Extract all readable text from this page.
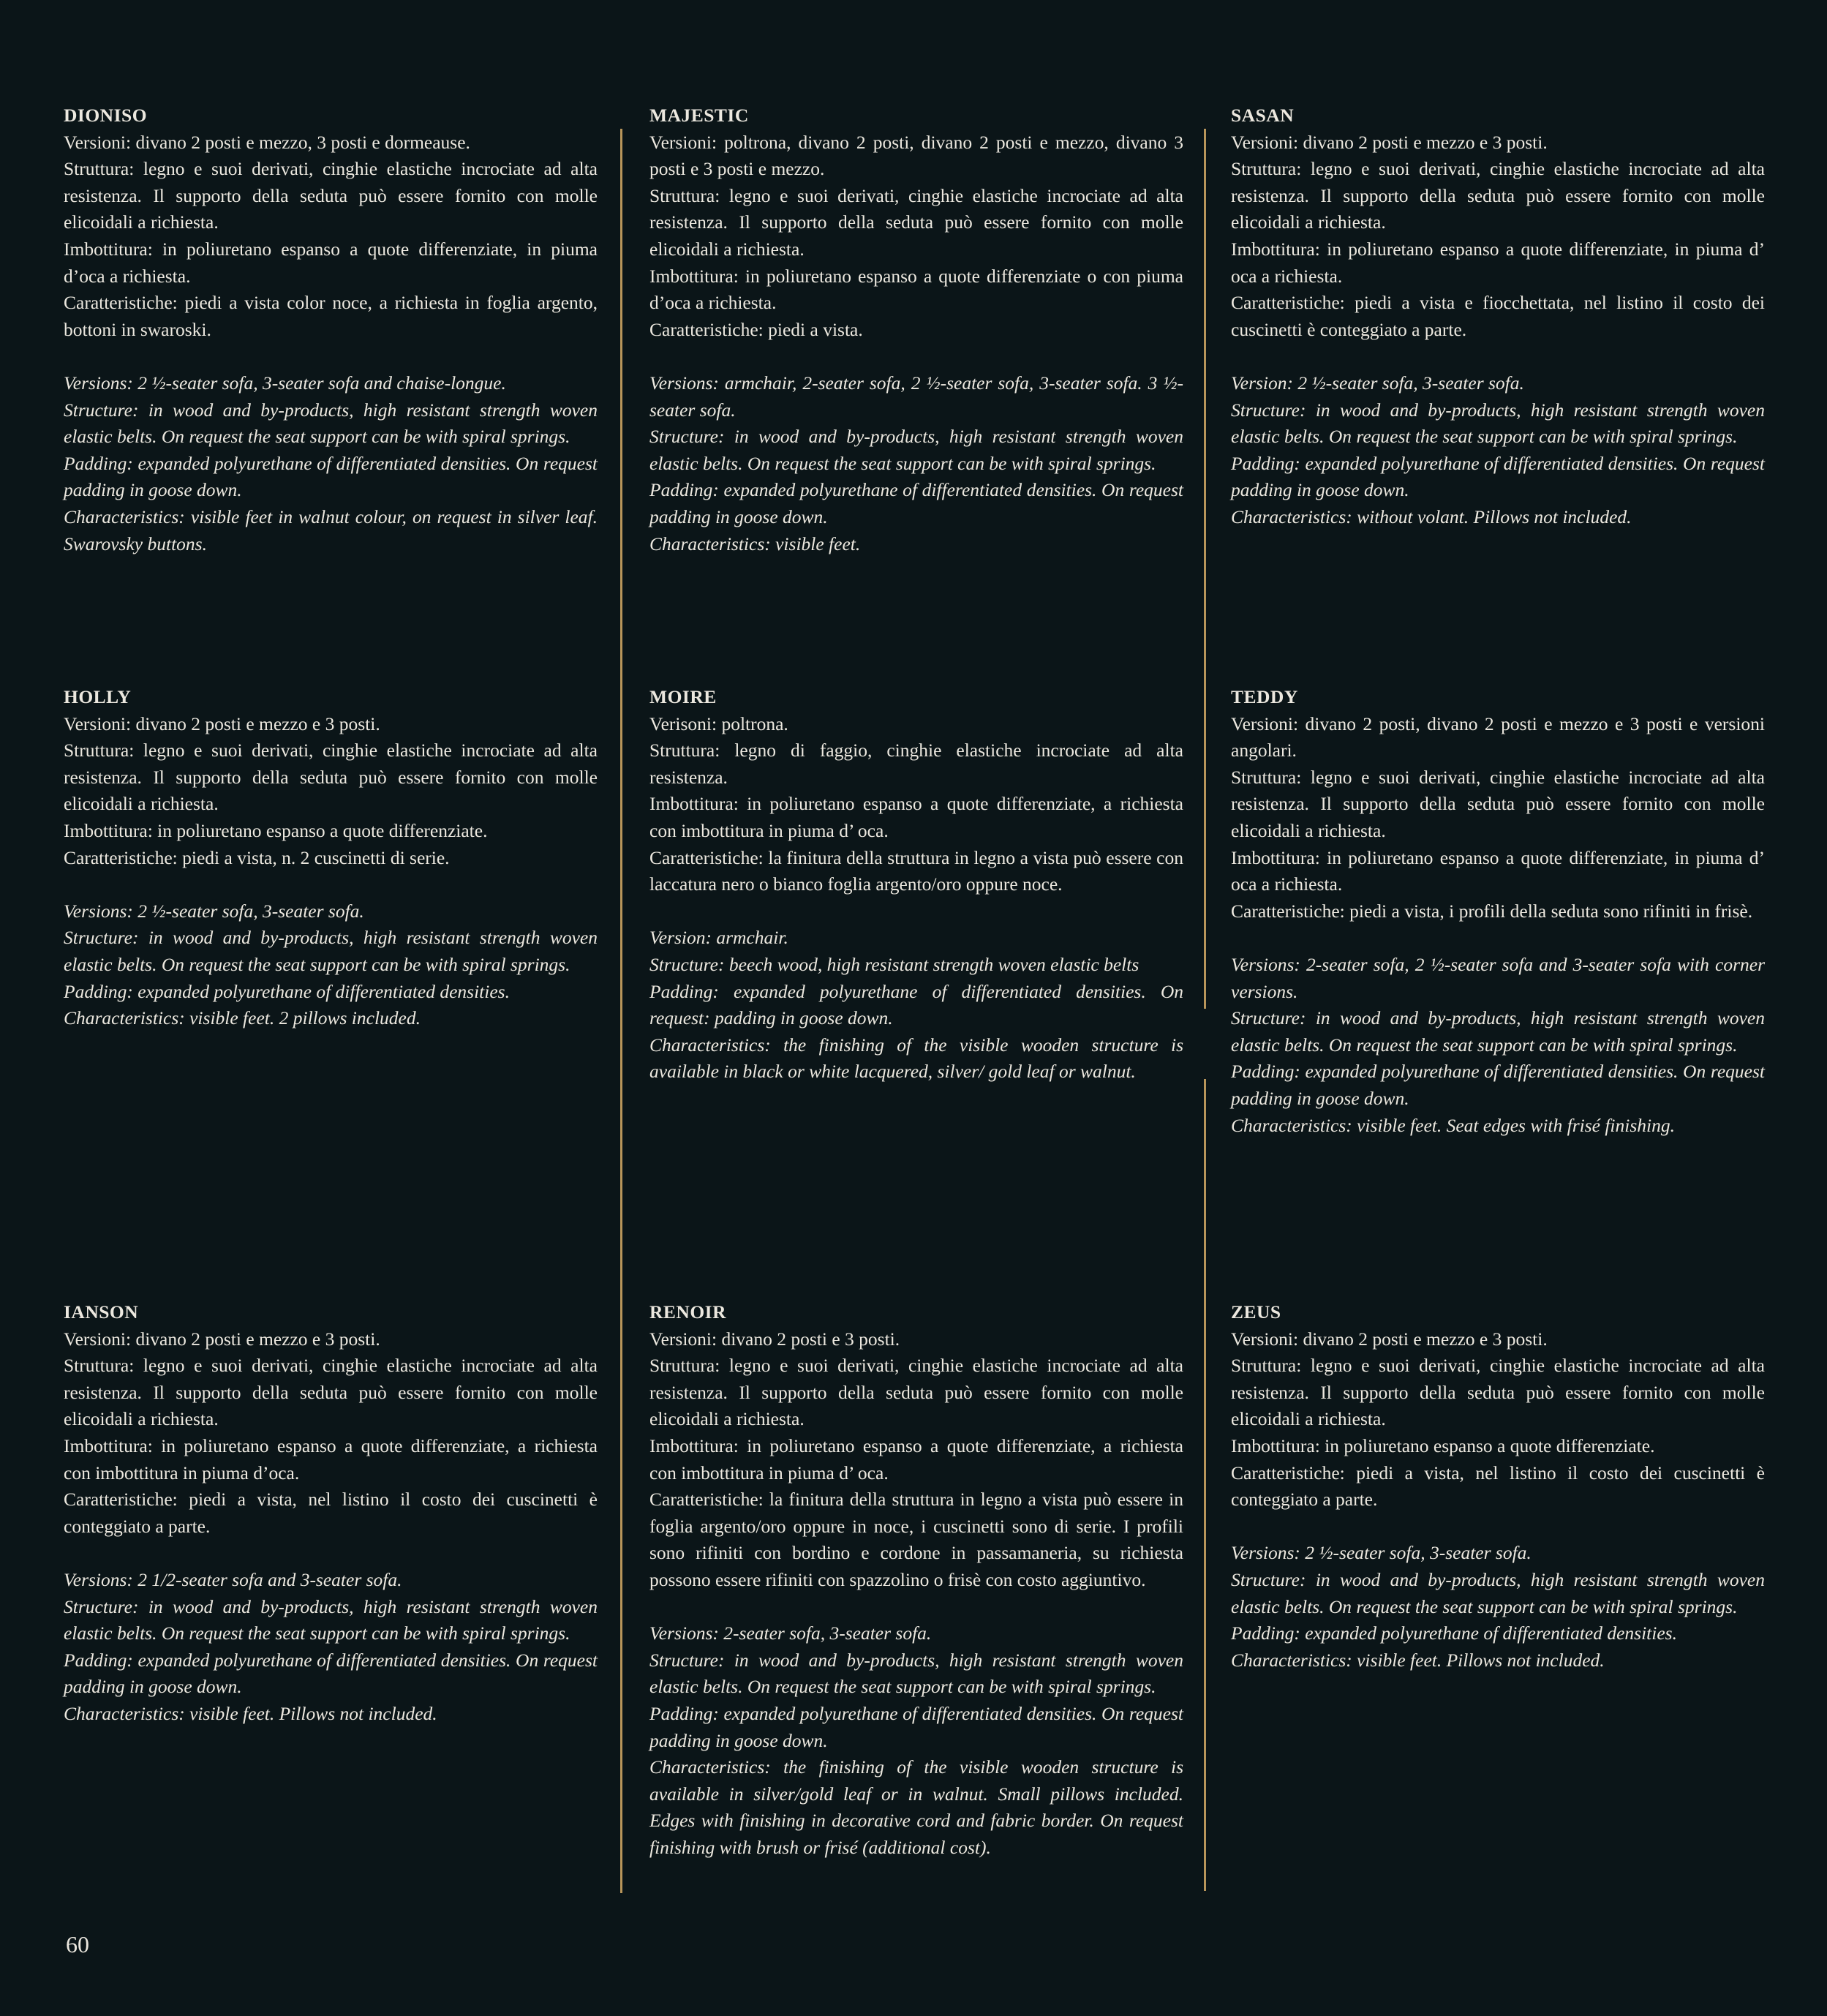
DIONISO

Versioni: divano 2 posti e mezzo, 3 posti e dormeause.

Struttura: legno e suoi derivati, cinghie elastiche incrociate ad alta resistenza. Il supporto della seduta può essere fornito con molle elicoidali a richiesta.

Imbottitura: in poliuretano espanso a quote differenziate, in piuma d’oca a richiesta.

Caratteristiche: piedi a vista color noce, a richiesta in foglia argento, bottoni in swaroski.

Versions: 2 ½-seater sofa, 3-seater sofa and chaise-longue.

Structure: in wood and by-products, high resistant strength woven elastic belts. On request the seat support can be with spiral springs.

Padding: expanded polyurethane of differentiated densities. On request padding in goose down.

Characteristics: visible feet in walnut colour, on request in silver leaf. Swarovsky buttons.

MAJESTIC

Versioni: poltrona, divano 2 posti, divano 2 posti e mezzo, divano 3 posti e 3 posti e mezzo.

Struttura: legno e suoi derivati, cinghie elastiche incrociate ad alta resistenza. Il supporto della seduta può essere fornito con molle elicoidali a richiesta.

Imbottitura: in poliuretano espanso a quote differenziate o con piuma d’oca a richiesta.

Caratteristiche: piedi a vista.

Versions: armchair, 2-seater sofa, 2 ½-seater sofa, 3-seater sofa. 3 ½-seater sofa.

Structure: in wood and by-products, high resistant strength woven elastic belts. On request the seat support can be with spiral springs.

Padding: expanded polyurethane of differentiated densities. On request padding in goose down.

Characteristics: visible feet.

SASAN

Versioni: divano 2 posti e mezzo e 3 posti.

Struttura: legno e suoi derivati, cinghie elastiche incrociate ad alta resistenza. Il supporto della seduta può essere fornito con molle elicoidali a richiesta.

Imbottitura: in poliuretano espanso a quote differenziate, in piuma d’ oca a richiesta.

Caratteristiche: piedi a vista e fiocchettata, nel listino il costo dei cuscinetti è conteggiato a parte.

Version: 2 ½-seater sofa, 3-seater sofa.

Structure: in wood and by-products, high resistant strength woven elastic belts. On request the seat support can be with spiral springs.

Padding: expanded polyurethane of differentiated densities. On request padding in goose down.

Characteristics: without volant. Pillows not included.

HOLLY

Versioni: divano 2 posti e mezzo e 3 posti.

Struttura: legno e suoi derivati, cinghie elastiche incrociate ad alta resistenza. Il supporto della seduta può essere fornito con molle elicoidali a richiesta.

Imbottitura: in poliuretano espanso a quote differenziate.

Caratteristiche: piedi a vista, n. 2 cuscinetti di serie.

Versions: 2 ½-seater sofa, 3-seater sofa.

Structure: in wood and by-products, high resistant strength woven elastic belts. On request the seat support can be with spiral springs.

Padding: expanded polyurethane of differentiated densities.

Characteristics: visible feet. 2 pillows included.

MOIRE

Verisoni: poltrona.

Struttura: legno di faggio, cinghie elastiche incrociate ad alta resistenza.

Imbottitura: in poliuretano espanso a quote differenziate, a richiesta con imbottitura in piuma d’ oca.

Caratteristiche: la finitura della struttura in legno a vista può essere con laccatura nero o bianco foglia argento/oro oppure noce.

Version: armchair.

Structure: beech wood, high resistant strength woven elastic belts

Padding: expanded polyurethane of differentiated densities. On request: padding in goose down.

Characteristics: the finishing of the visible wooden structure is available in black or white lacquered, silver/ gold leaf or walnut.

TEDDY

Versioni: divano 2 posti, divano 2 posti e mezzo e 3 posti e versioni angolari.

Struttura: legno e suoi derivati, cinghie elastiche incrociate ad alta resistenza. Il supporto della seduta può essere fornito con molle elicoidali a richiesta.

Imbottitura: in poliuretano espanso a quote differenziate, in piuma d’ oca a richiesta.

Caratteristiche: piedi a vista, i profili della seduta sono rifiniti in frisè.

Versions: 2-seater sofa, 2 ½-seater sofa and 3-seater sofa with corner versions.

Structure: in wood and by-products, high resistant strength woven elastic belts. On request the seat support can be with spiral springs.

Padding: expanded polyurethane of differentiated densities. On request padding in goose down.

Characteristics: visible feet. Seat edges with frisé finishing.

IANSON

Versioni: divano 2 posti e mezzo e 3 posti.

Struttura: legno e suoi derivati, cinghie elastiche incrociate ad alta resistenza. Il supporto della seduta può essere fornito con molle elicoidali a richiesta.

Imbottitura: in poliuretano espanso a quote differenziate, a richiesta con imbottitura in piuma d’oca.

Caratteristiche: piedi a vista, nel listino il costo dei cuscinetti è conteggiato a parte.

Versions: 2 1/2-seater sofa and 3-seater sofa.

Structure: in wood and by-products, high resistant strength woven elastic belts. On request the seat support can be with spiral springs.

Padding: expanded polyurethane of differentiated densities. On request padding in goose down.

Characteristics: visible feet. Pillows not included.

RENOIR

Versioni: divano 2 posti e 3 posti.

Struttura: legno e suoi derivati, cinghie elastiche incrociate ad alta resistenza. Il supporto della seduta può essere fornito con molle elicoidali a richiesta.

Imbottitura: in poliuretano espanso a quote differenziate, a richiesta con imbottitura in piuma d’ oca.

Caratteristiche: la finitura della struttura in legno a vista può essere in foglia argento/oro oppure in noce, i cuscinetti sono di serie. I profili sono rifiniti con bordino e cordone in passamaneria, su richiesta possono essere rifiniti con spazzolino o frisè con costo aggiuntivo.

Versions: 2-seater sofa, 3-seater sofa.

Structure: in wood and by-products, high resistant strength woven elastic belts. On request the seat support can be with spiral springs.

Padding: expanded polyurethane of differentiated densities. On request padding in goose down.

Characteristics: the finishing of the visible wooden structure is available in silver/gold leaf or in walnut. Small pillows included. Edges with finishing in decorative cord and fabric border. On request finishing with brush or frisé (additional cost).

ZEUS

Versioni: divano 2 posti e mezzo e 3 posti.

Struttura: legno e suoi derivati, cinghie elastiche incrociate ad alta resistenza. Il supporto della seduta può essere fornito con molle elicoidali a richiesta.

Imbottitura: in poliuretano espanso a quote differenziate.

Caratteristiche: piedi a vista, nel listino il costo dei cuscinetti è conteggiato a parte.

Versions: 2 ½-seater sofa, 3-seater sofa.

Structure: in wood and by-products, high resistant strength woven elastic belts. On request the seat support can be with spiral springs.

Padding: expanded polyurethane of differentiated densities.

Characteristics: visible feet. Pillows not included.

60
